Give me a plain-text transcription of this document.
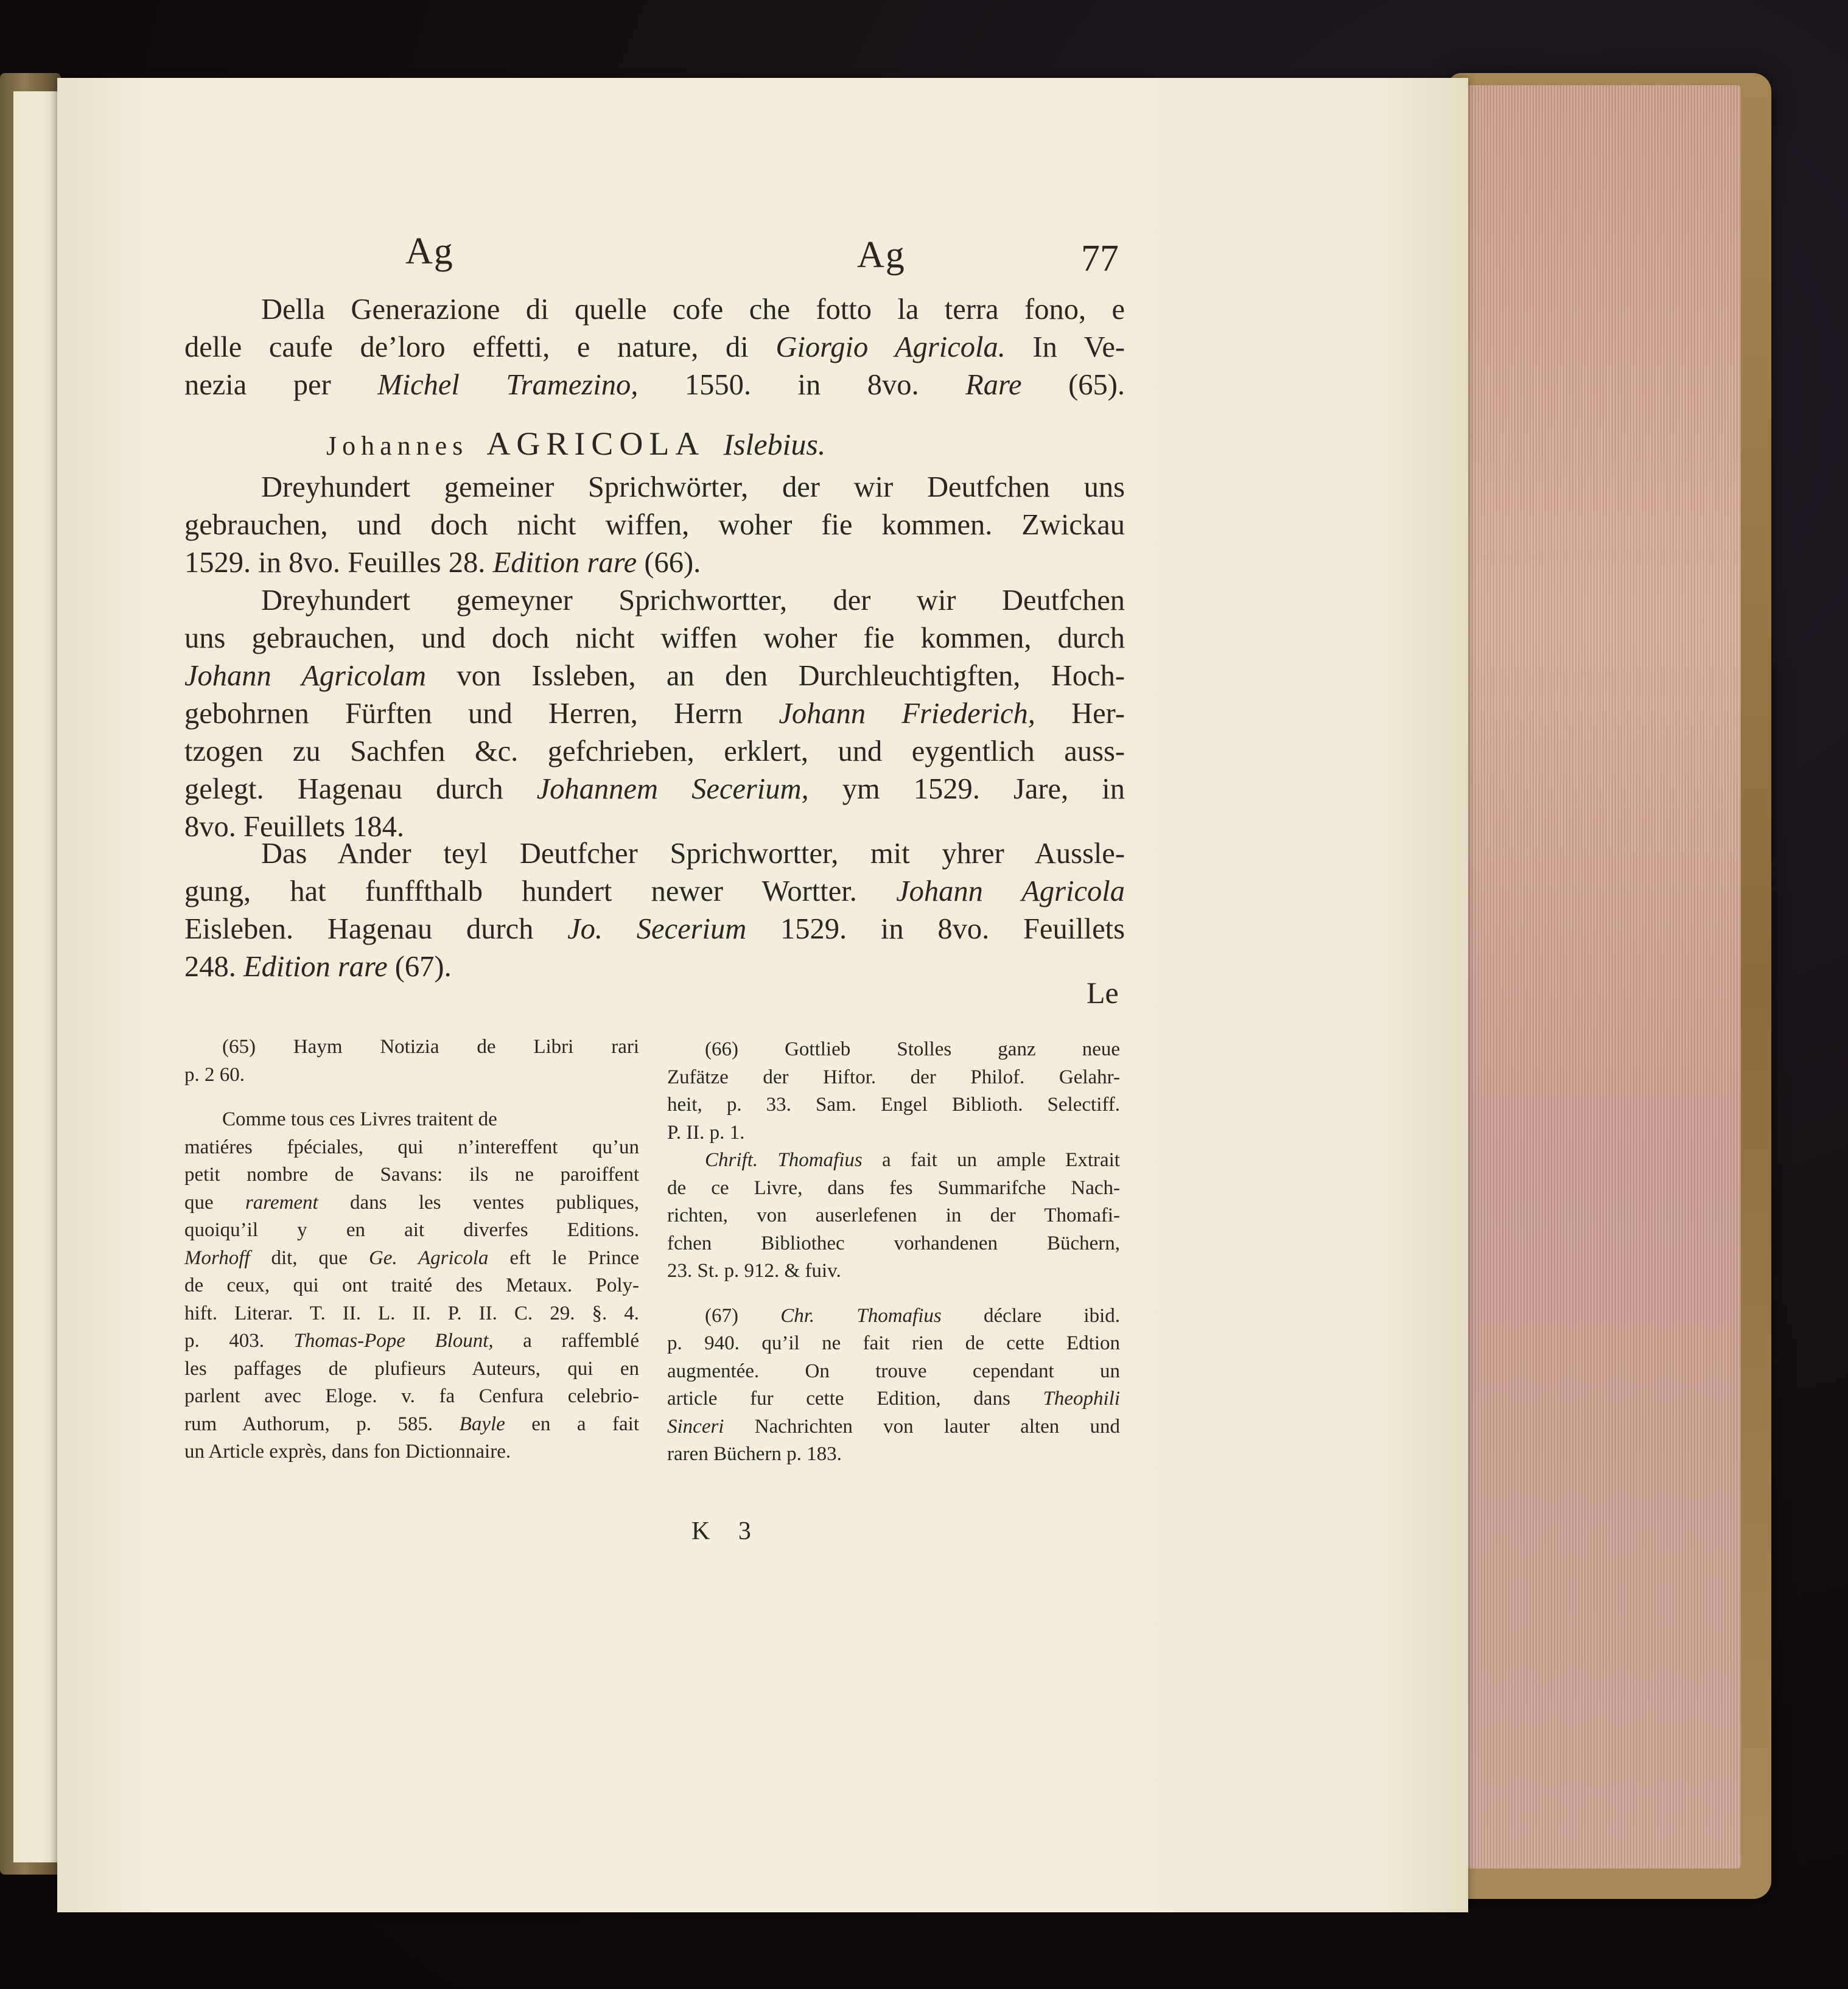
Ag	Ag	77
Della Generazione di quelle cofe che fotto la terra fono, e
delle caufe de’loro effetti, e nature, di Giorgio Agricola. In Ve-
nezia per Michel Tramezino, 1550. in 8vo. Rare (65).
Johannes AGRICOLA Islebius.
Dreyhundert gemeiner Sprichwörter, der wir Deutfchen uns
gebrauchen, und doch nicht wiffen, woher fie kommen. Zwickau
1529. in 8vo. Feuilles 28. Edition rare (66).
Dreyhundert gemeyner Sprichwortter, der wir Deutfchen
uns gebrauchen, und doch nicht wiffen woher fie kommen, durch
Johann Agricolam von Issleben, an den Durchleuchtigften, Hoch-
gebohrnen Fürften und Herren, Herrn Johann Friederich, Her-
tzogen zu Sachfen &c. gefchrieben, erklert, und eygentlich auss-
gelegt. Hagenau durch Johannem Secerium, ym 1529. Jare, in
8vo. Feuillets 184.
Das Ander teyl Deutfcher Sprichwortter, mit yhrer Aussle-
gung, hat funffthalb hundert newer Wortter. Johann Agricola
Eisleben. Hagenau durch Jo. Secerium 1529. in 8vo. Feuillets
248. Edition rare (67).
Le
(65) Haym Notizia de Libri rari
p. 2 60.
Comme tous ces Livres traitent de
matiéres fpéciales, qui n’intereffent qu’un
petit nombre de Savans: ils ne paroiffent
que rarement dans les ventes publiques,
quoiqu’il y en ait diverfes Editions.
Morhoff dit, que Ge. Agricola eft le Prince
de ceux, qui ont traité des Metaux. Poly-
hift. Literar. T. II. L. II. P. II. C. 29. §. 4.
p. 403. Thomas-Pope Blount, a raffemblé
les paffages de plufieurs Auteurs, qui en
parlent avec Eloge. v. fa Cenfura celebrio-
rum Authorum, p. 585. Bayle en a fait
un Article exprès, dans fon Dictionnaire.
(66) Gottlieb Stolles ganz neue
Zufätze der Hiftor. der Philof. Gelahr-
heit, p. 33. Sam. Engel Biblioth. Selectiff.
P. II. p. 1.
Chrift. Thomafius a fait un ample Extrait
de ce Livre, dans fes Summarifche Nach-
richten, von auserlefenen in der Thomafi-
fchen Bibliothec vorhandenen Büchern,
23. St. p. 912. & fuiv.
(67) Chr. Thomafius déclare ibid.
p. 940. qu’il ne fait rien de cette Edtion
augmentée. On trouve cependant un
article fur cette Edition, dans Theophili
Sinceri Nachrichten von lauter alten und
raren Büchern p. 183.
K 3
